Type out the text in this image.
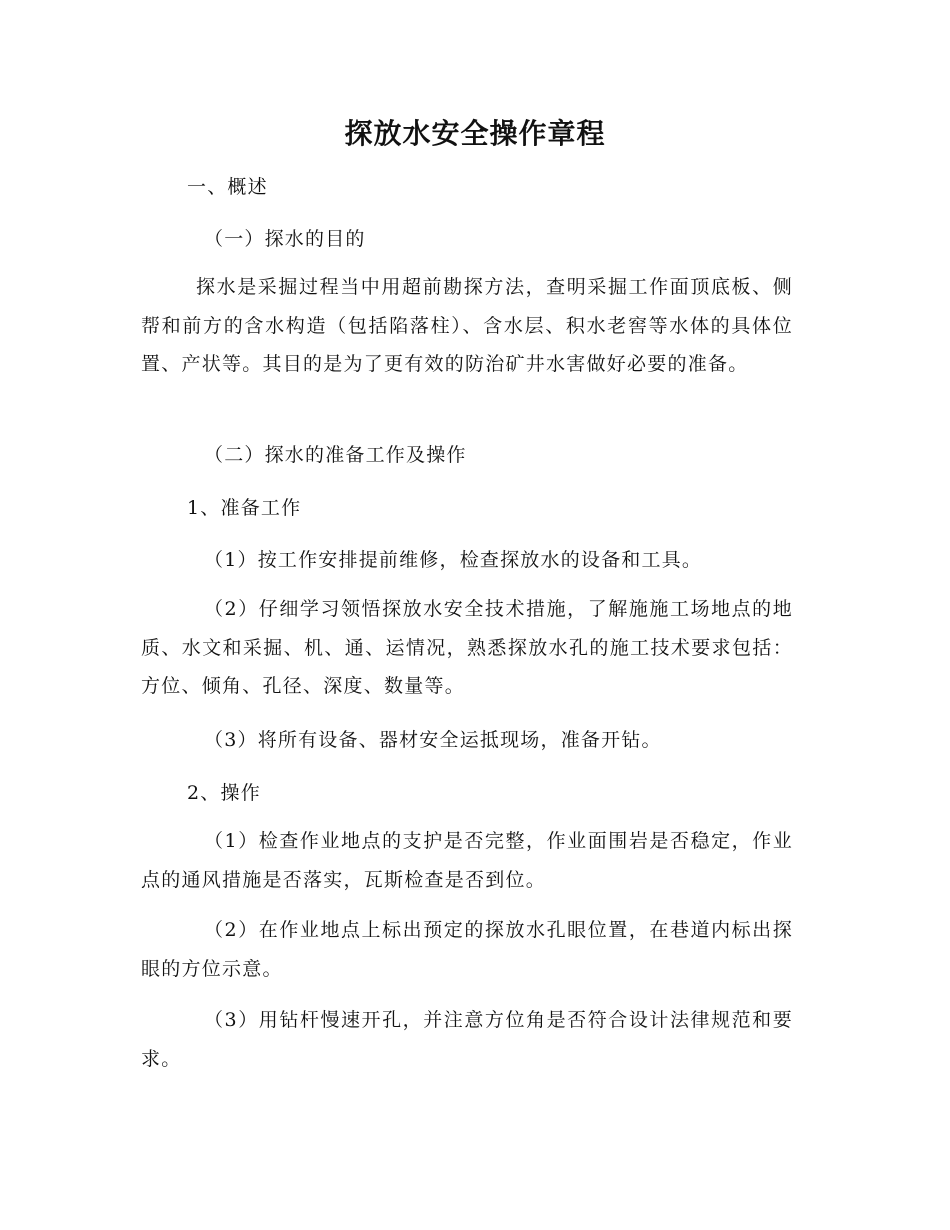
探放水安全操作章程

一、概述

（一）探水的目的

探水是采掘过程当中用超前勘探方法，查明采掘工作面顶底板、侧帮和前方的含水构造（包括陷落柱）、含水层、积水老窖等水体的具体位置、产状等。其目的是为了更有效的防治矿井水害做好必要的准备。

（二）探水的准备工作及操作

1、准备工作

（1）按工作安排提前维修，检查探放水的设备和工具。

（2）仔细学习领悟探放水安全技术措施，了解施施工场地点的地质、水文和采掘、机、通、运情况，熟悉探放水孔的施工技术要求包括：方位、倾角、孔径、深度、数量等。

（3）将所有设备、器材安全运抵现场，准备开钻。

2、操作

（1）检查作业地点的支护是否完整，作业面围岩是否稳定，作业点的通风措施是否落实，瓦斯检查是否到位。

（2）在作业地点上标出预定的探放水孔眼位置，在巷道内标出探眼的方位示意。

（3）用钻杆慢速开孔，并注意方位角是否符合设计法律规范和要求。
